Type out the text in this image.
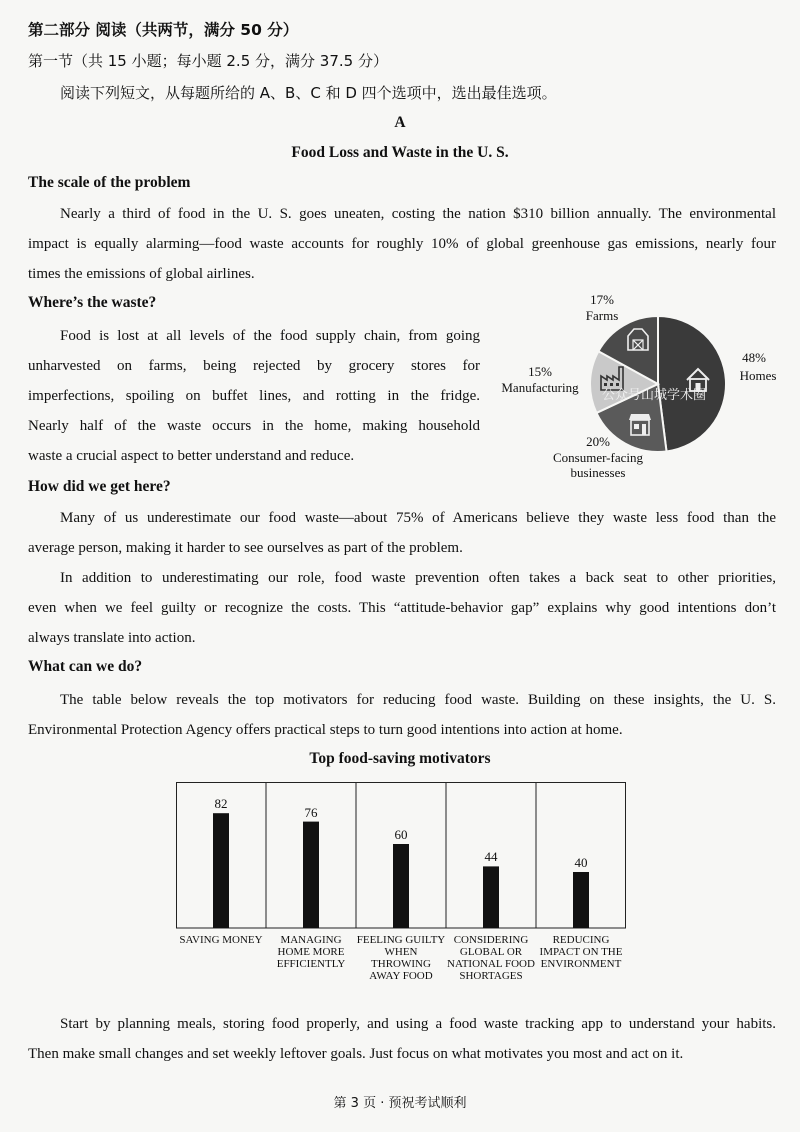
第二部分 阅读（共两节，满分 50 分）
第一节（共 15 小题；每小题 2.5 分，满分 37.5 分）
阅读下列短文，从每题所给的 A、B、C 和 D 四个选项中，选出最佳选项。
A
Food Loss and Waste in the U. S.
The scale of the problem
Nearly a third of food in the U. S. goes uneaten, costing the nation $310 billion annually. The environmental
impact is equally alarming—food waste accounts for roughly 10% of global greenhouse gas emissions, nearly four
times the emissions of global airlines.
Where’s the waste?
Food is lost at all levels of the food supply chain, from going
unharvested on farms, being rejected by grocery stores for
imperfections, spoiling on buffet lines, and rotting in the fridge.
Nearly half of the waste occurs in the home, making household
waste a crucial aspect to better understand and reduce.
17%
Farms
48%
Homes
15%
Manufacturing
20%
Consumer-facing businesses
公众号山城学术圈
How did we get here?
Many of us underestimate our food waste—about 75% of Americans believe they waste less food than the
average person, making it harder to see ourselves as part of the problem.
In addition to underestimating our role, food waste prevention often takes a back seat to other priorities,
even when we feel guilty or recognize the costs. This “attitude-behavior gap” explains why good intentions don’t
always translate into action.
What can we do?
The table below reveals the top motivators for reducing food waste. Building on these insights, the U. S.
Environmental Protection Agency offers practical steps to turn good intentions into action at home.
Top food-saving motivators
82
76
60
44	40
SAVING MONEY	MANAGING HOME MORE EFFICIENTLY
FEELING GUILTY WHEN THROWING AWAY FOOD
CONSIDERING GLOBAL OR NATIONAL FOOD SHORTAGES
REDUCING IMPACT ON THE ENVIRONMENT
Start by planning meals, storing food properly, and using a food waste tracking app to understand your habits.
Then make small changes and set weekly leftover goals. Just focus on what motivates you most and act on it.
第 3 页 · 预祝考试顺利
